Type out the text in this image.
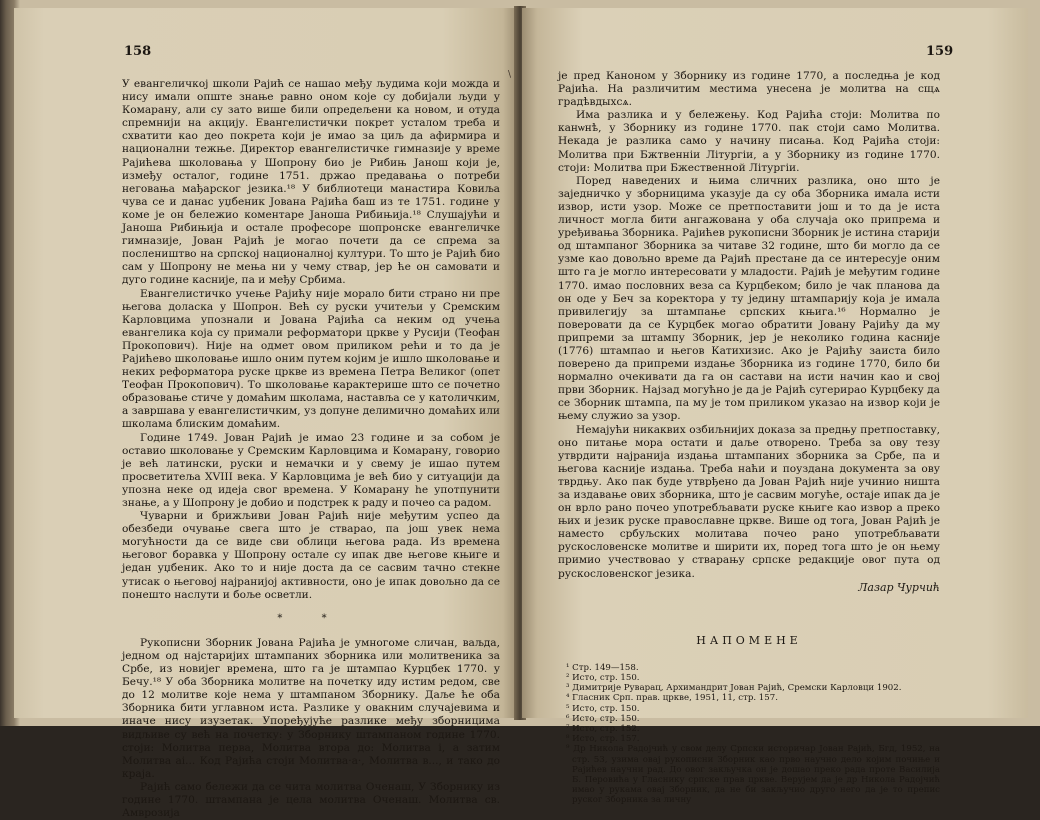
158
\

У евангеличкој школи Рајић се нашао међу људима који можда и нису имали опште знање равно оном које су добијали људи у Комарану, али су зато више били опредељени ка новом, и отуда спремнији на акцију. Евангелистички покрет усталом треба и схватити као део покрета који је имао за циљ да афирмира и национални тежње. Директор евангелистичке гимназије у време Рајићева школовања у Шопрону био је Рибињ Јанош који је, између осталог, године 1751. држао предавања о потреби неговања мађарског језика.¹⁸ У библиотеци манастира Ковиља чува се и данас уџбеник Јована Рајића баш из те 1751. године у коме је он бележио коментаре Јаноша Рибињија.¹⁸ Слушајући и Јаноша Рибињија и остале професоре шопронске евангеличке гимназије, Јован Рајић је могао почети да се спрема за послеништво на српској националној култури. То што је Рајић био сам у Шопрону не мења ни у чему ствар, јер ће он самовати и дуго године касније, па и међу Србима.

Евангелистичко учење Рајићу није морало бити страно ни пре његова доласка у Шопрон. Већ су руски учитељи у Сремским Карловцима упознали и Јована Рајића са неким од учења евангелика која су примали реформатори цркве у Русији (Теофан Прокопович). Није на одмет овом приликом рећи и то да је Рајићево школовање ишло оним путем којим је ишло школовање и неких реформатора руске цркве из времена Петра Великог (опет Теофан Прокопович). То школовање карактерише што се почетно образовање стиче у домаћим школама, наставља се у католичким, а завршава у евангелистичким, уз допуне делимично домаћих или школама блиским домаћим.

Године 1749. Јован Рајић је имао 23 године и за собом је оставио школовање у Сремским Карловцима и Комарану, говорио је већ латински, руски и немачки и у свему је ишао путем просветитеља XVIII века. У Карловцима је већ био у ситуацији да упозна неке од идеја свог времена. У Комарану he употпунити знање, а у Шопрону је добио и подстрек к раду и почео са радом.

Чуварни и брижљиви Јован Рајић није међутим успео да обезбеди очување свега што је стварао, па још увек нема могућности да се виде сви облици његова рада. Из времена његовог боравка у Шопрону остале су ипак две његове књиге и један уџбеник. Ако то и није доста да се сасвим тачно стекне утисак о његовој најранијој активности, оно је ипак довољно да се понешто наслути и боље осветли.

* *

Рукописни Зборник Јована Рајића је умногоме сличан, ваљда, једном од најстаријих штампаних зборника или молитвеника за Србе, из новијег времена, што га је штампао Курцбек 1770. у Бечу.¹⁸ У оба Зборника молитве на почетку иду истим редом, све до 12 молитве које нема у штампаном Зборнику. Даље ће оба Зборника бити углавном иста. Разлике у овакним случајевима и иначе нису изузетак. Упоређујуће разлике међу зборницима видљиве су већ на почетку: у Зборнику штампаном године 1770. стоји: Молитва перва, Молитва втора до: Молитва і, а затим Молитва аі... Код Рајића стоји Молитва·а·, Молитва в..., и тако до краја.

Рајић само бележи да се чита молитва Оченаш, У Зборнику из године 1770. штампана је цела молитва Оченаш. Молитва св. Амврозија

159

је пред Каноном у Зборнику из године 1770, а последња је код Рајића. На различитим местима унесена је молитва на сщѧ градѣвдыхсѧ.

Има разлика и у бележењу. Код Рајића стоји: Молитва по канѡнѣ, у Зборнику из године 1770. пак стоји само Молитва. Некада је разлика само у начину писања. Код Рајића стоји: Молитва при Бжтвенніи Літургіи, а у Зборнику из године 1770. стоји: Молитва при Бжественной Літургіи.

Поред наведених и њима сличних разлика, оно што је заједничко у зборницима указује да су оба Зборника имала исти извор, исти узор. Може се претпоставити још и то да је иста личност могла бити ангажована у оба случаја око припрема и уређивања Зборника. Рајићев рукописни Зборник је истина старији од штампаног Зборника за читаве 32 године, што би могло да се узме као довољно време да Рајић престане да се интересује оним што га је могло интересовати у младости. Рајић је међутим године 1770. имао пословних веза са Курцбеком; било је чак планова да он оде у Беч за коректора у ту једину штампарију која је имала привилегију за штампање српских књига.¹⁶ Нормално је поверовати да се Курцбек могао обратити Јовану Рајићу да му припреми за штампу Зборник, јер је неколико година касније (1776) штампао и његов Катихизис. Ако је Рајићу заиста било поверено да припреми издање Зборника из године 1770, било би нормално очекивати да га он састави на исти начин као и свој први Зборник. Најзад могућно је да је Рајић сугерирао Курцбеку да се Зборник штампа, па му је том приликом указао на извор који је њему служио за узор.

Немајући никаквих озбиљнијих доказа за предњу претпоставку, оно питање мора остати и даље отворено. Треба за ову тезу утврдити најранија издања штампаних зборника за Србе, па и његова касније издања. Треба наћи и поуздана документа за ову тврдњу. Ако пак буде утврђено да Јован Рајић није учинио ништа за издавање ових зборника, што је сасвим могуће, остаје ипак да је он врло рано почео употребљавати руске књиге као извор а преко њих и језик руске православне цркве. Више од тога, Јован Рајић је наместо србуљских молитава почео рано употребљавати рускословенске молитве и ширити их, поред тога што је он њему примио учествовао у стварању српске редакције овог пута од рускословенског језика.

Лазар Чурчић
НАПОМЕНЕ
¹ Стр. 149—158.
² Исто, стр. 150.
³ Димитрије Руварац, Архимандрит Јован Рајић, Сремски Карловци 1902.
⁴ Гласник Срп. прав. цркве, 1951, 11, стр. 157.
⁵ Исто, стр. 150.
⁶ Исто, стр. 150.
⁷ Исто, стр. 152.
⁸ Исто, стр. 157.
⁹ Др Никола Радојчић у свом делу Српски историчар Јован Рајић, Бгд, 1952, на стр. 53, узима овај рукописни Зборник као прво научно дело којим почиње и Рајићев научни рад. До овог закључка он је дошао преко рада проте Василија Б. Перовића у Гласнику српске прав цркве. Верујем да је др Никола Радојчић имао у рукама овај Зборник, да не би закључио друго него да је то препис руског Зборника за личну
